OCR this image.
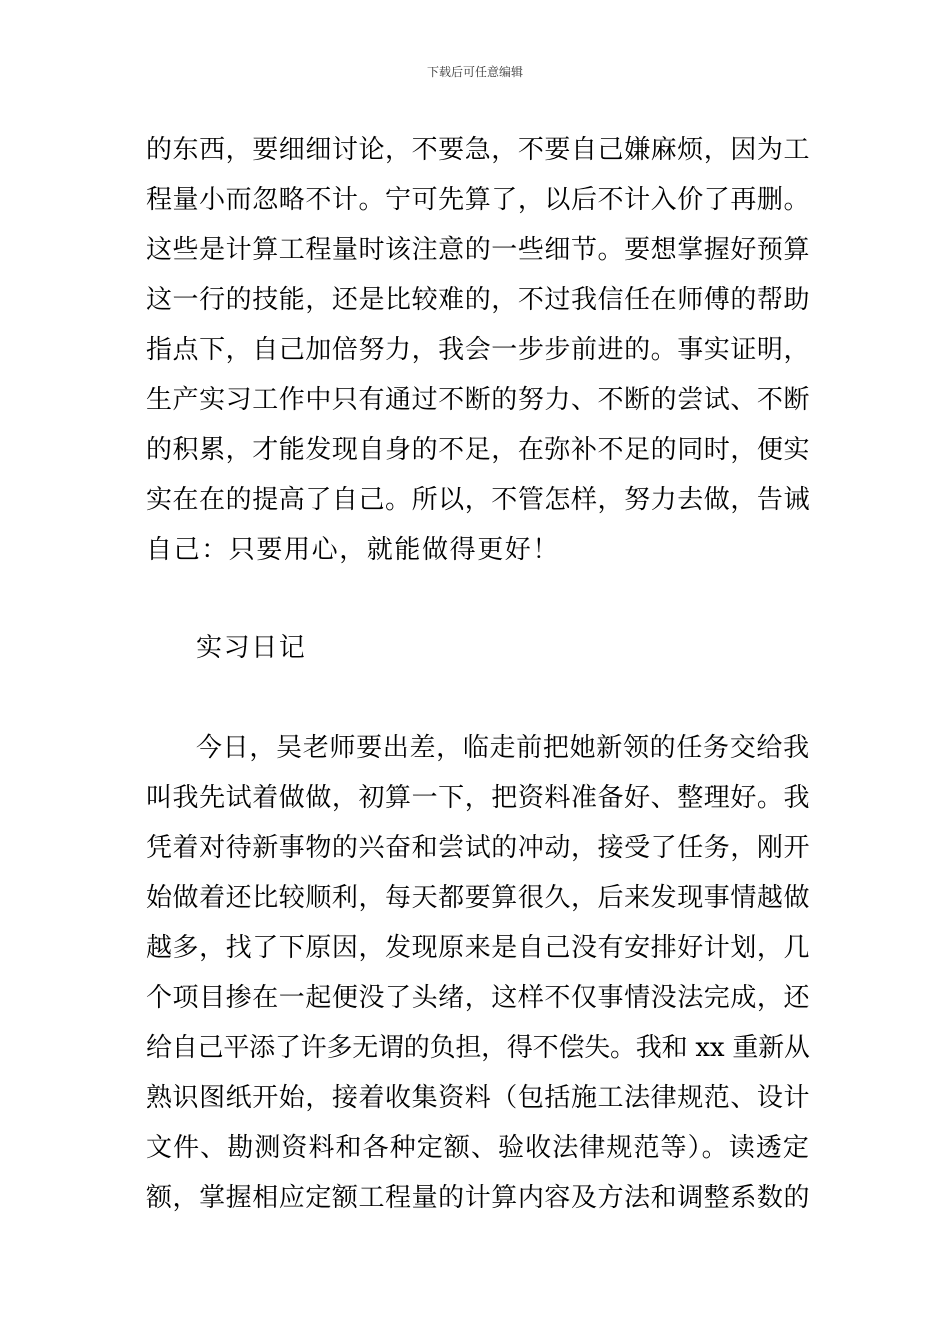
下载后可任意编辑
的东西，要细细讨论，不要急，不要自己嫌麻烦，因为工
程量小而忽略不计。宁可先算了，以后不计入价了再删。
这些是计算工程量时该注意的一些细节。要想掌握好预算
这一行的技能，还是比较难的，不过我信任在师傅的帮助
指点下，自己加倍努力，我会一步步前进的。事实证明，
生产实习工作中只有通过不断的努力、不断的尝试、不断
的积累，才能发现自身的不足，在弥补不足的同时，便实
实在在的提高了自己。所以，不管怎样，努力去做，告诫
自己：只要用心，就能做得更好！
实习日记
今日，吴老师要出差，临走前把她新领的任务交给我
叫我先试着做做，初算一下，把资料准备好、整理好。我
凭着对待新事物的兴奋和尝试的冲动，接受了任务，刚开
始做着还比较顺利，每天都要算很久，后来发现事情越做
越多，找了下原因，发现原来是自己没有安排好计划，几
个项目掺在一起便没了头绪，这样不仅事情没法完成，还
给自己平添了许多无谓的负担，得不偿失。我和 xx 重新从
熟识图纸开始，接着收集资料（包括施工法律规范、设计
文件、勘测资料和各种定额、验收法律规范等）。读透定
额，掌握相应定额工程量的计算内容及方法和调整系数的
